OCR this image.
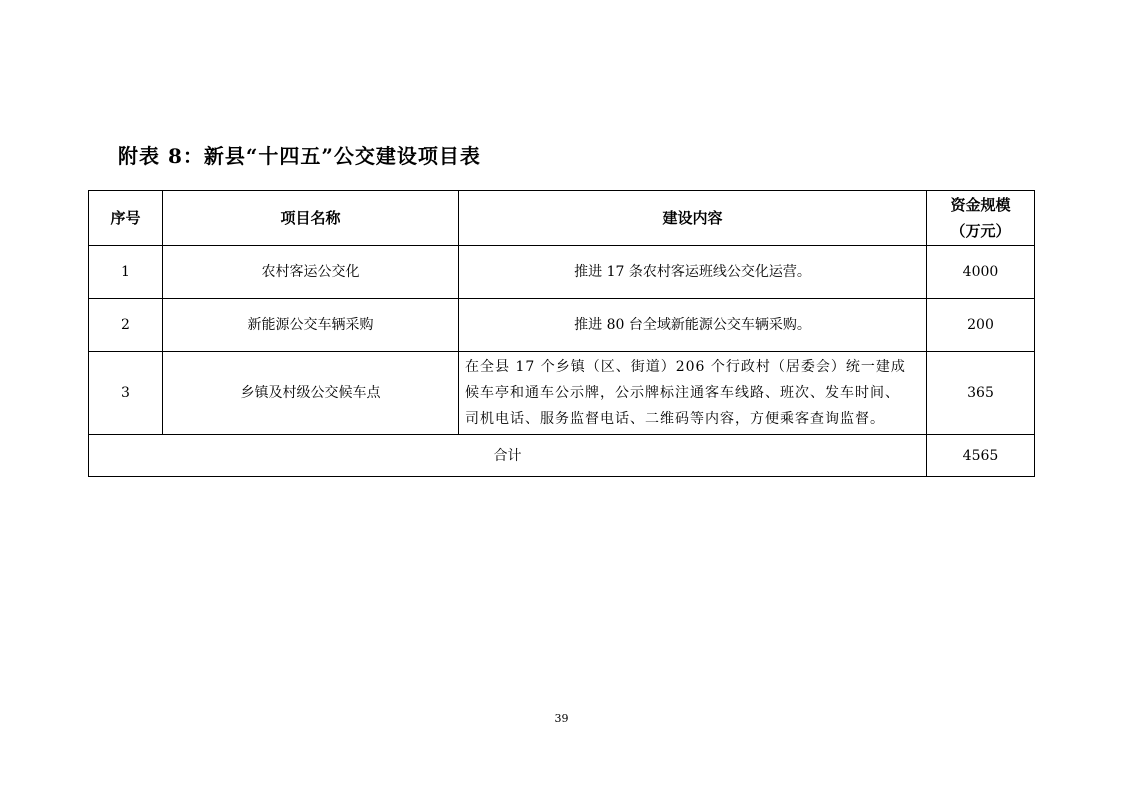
附表 8：新县“十四五”公交建设项目表
序号	项目名称	建设内容	资金规模
（万元）

1	农村客运公交化	推进 17 条农村客运班线公交化运营。	4000
2	新能源公交车辆采购	推进 80 台全域新能源公交车辆采购。	200
3	乡镇及村级公交候车点	在全县 17 个乡镇（区、街道）206 个行政村（居委会）统一建成
候车亭和通车公示牌，公示牌标注通客车线路、班次、发车时间、
司机电话、服务监督电话、二维码等内容，方便乘客查询监督。	365
合计			4565
39
